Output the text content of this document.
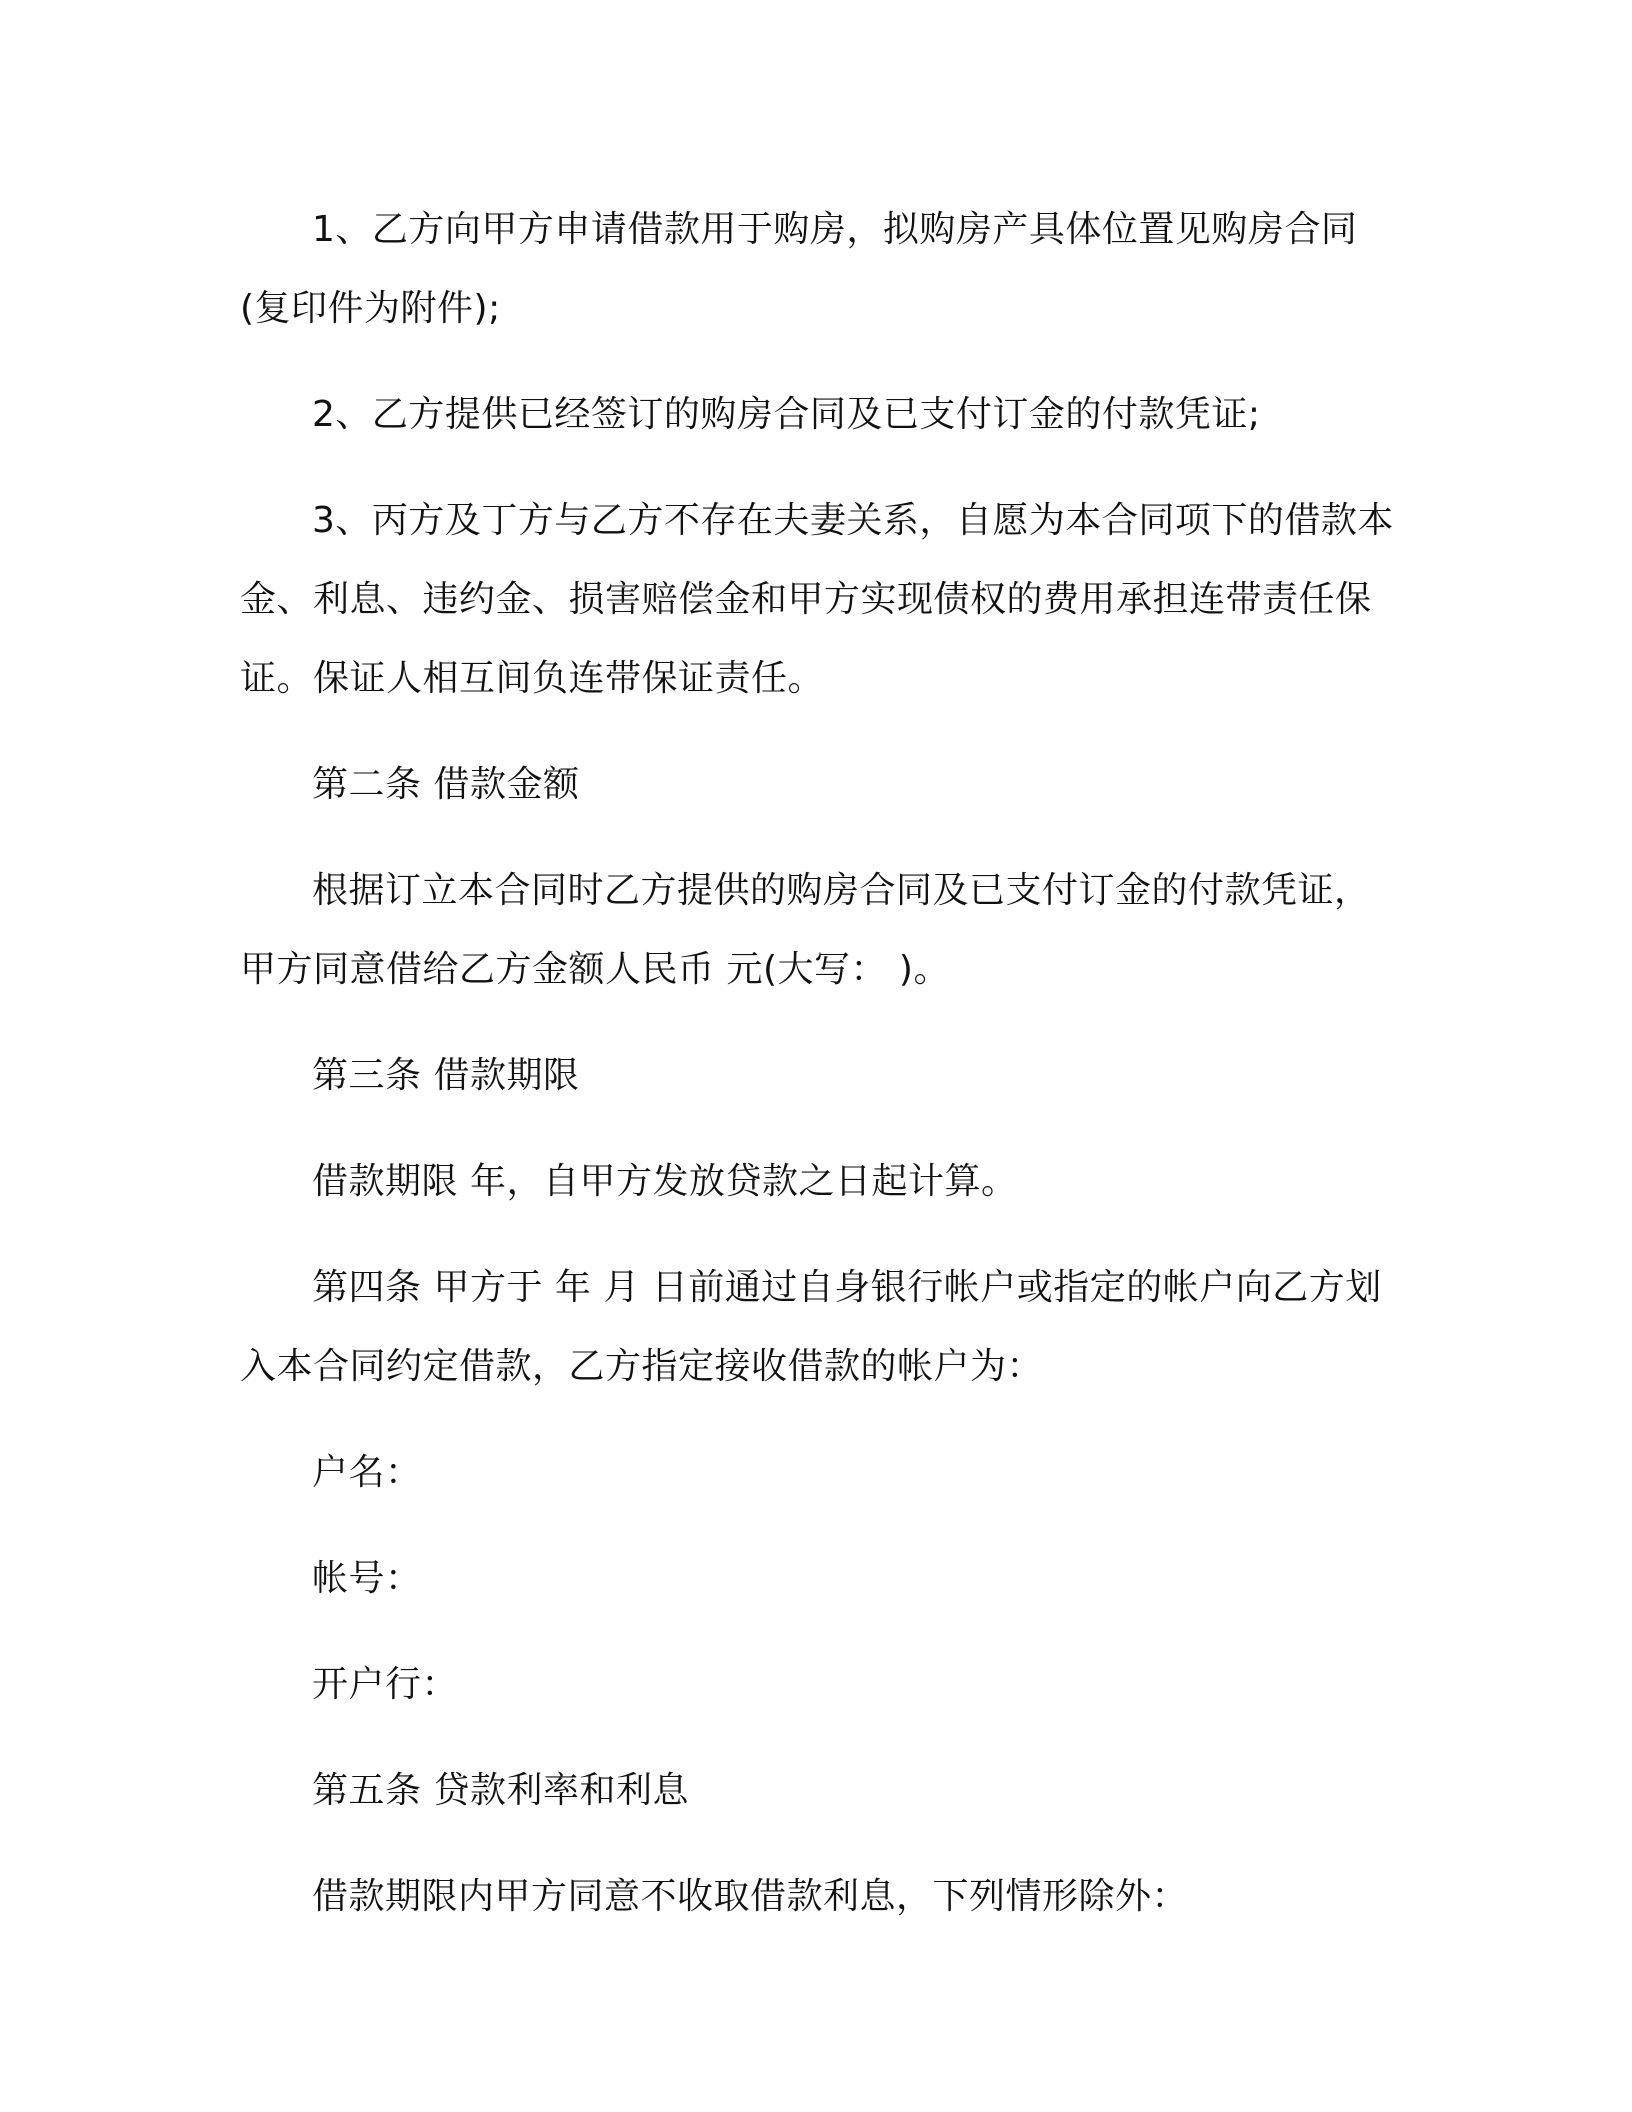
1、乙方向甲方申请借款用于购房，拟购房产具体位置见购房合同(复印件为附件);

2、乙方提供已经签订的购房合同及已支付订金的付款凭证;

3、丙方及丁方与乙方不存在夫妻关系，自愿为本合同项下的借款本金、利息、违约金、损害赔偿金和甲方实现债权的费用承担连带责任保证。保证人相互间负连带保证责任。

第二条 借款金额

根据订立本合同时乙方提供的购房合同及已支付订金的付款凭证，甲方同意借给乙方金额人民币 元(大写： )。

第三条 借款期限

借款期限 年，自甲方发放贷款之日起计算。

第四条 甲方于 年 月 日前通过自身银行帐户或指定的帐户向乙方划入本合同约定借款，乙方指定接收借款的帐户为：

户名：

帐号：

开户行：

第五条 贷款利率和利息

借款期限内甲方同意不收取借款利息，下列情形除外：
